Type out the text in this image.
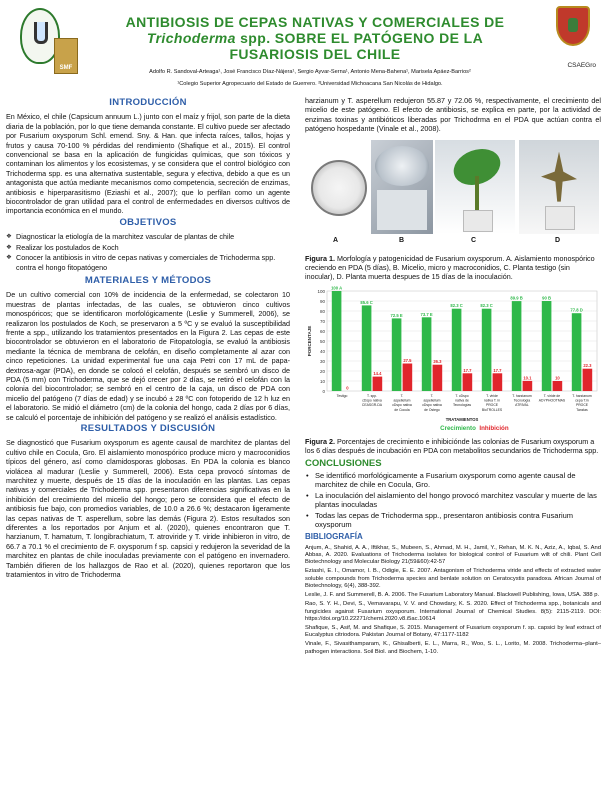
SMF
ANTIBIOSIS DE CEPAS NATIVAS Y COMERCIALES DE
Trichoderma spp. SOBRE EL PATÓGENO DE LA
FUSARIOSIS DEL CHILE
Adolfo R. Sandoval-Arteaga¹, José Francisco Díaz-Nájera¹, Sergio Ayvar-Serna¹, Antonio Mena-Bahena¹, Marisela Apáez-Barrios²
¹Colegio Superior Agropecuario del Estado de Guerrero. ²Universidad Michoacana San Nicolás de Hidalgo.
CSAEGro
INTRODUCCIÓN

En México, el chile (Capsicum annuum L.) junto con el maíz y frijol, son parte de la dieta diaria de la población, por lo que tiene demanda constante. El cultivo puede ser afectado por Fusarium oxysporum Schl. emend. Sny. & Han. que infecta raíces, tallos, hojas y frutos y causa 70-100 % pérdidas del rendimiento (Shafique et al., 2015). El control convencional se basa en la aplicación de fungicidas químicas, que son tóxicos y contaminan los alimentos y los ecosistemas, y se considera que el control biológico con Trichoderma spp. es una alternativa sustentable, segura y efectiva, debido a que es un antagonista que actúa mediante mecanismos como competencia, secreción de enzimas, antibiosis e hiperparasitismo (Eziashi et al., 2007); que lo perfilan como un agente biocontrolador de gran utilidad para el control de enfermedades en diversos cultivos de importancia económica en el mundo.

OBJETIVOS
❖ Diagnosticar la etiología de la marchitez vascular de plantas de chile
❖ Realizar los postulados de Koch
❖ Conocer la antibiosis in vitro de cepas nativas y comerciales de Trichoderma spp. contra el hongo fitopatógeno
MATERIALES Y MÉTODOS

De un cultivo comercial con 10% de incidencia de la enfermedad, se colectaron 10 muestras de plantas infectadas, de las cuales, se obtuvieron cinco cultivos monospóricos; que se identificaron morfológicamente (Leslie y Summerell, 2006), se realizaron los postulados de Koch, se preservaron a 5 ºC y se evaluó la susceptibilidad frente a spp., utilizando los tratamientos presentados en la Figura 2. Las cepas de este biocontrolador se obtuvieron en el laboratorio de Fitopatología, se evaluó la antibiosis mediante la técnica de membrana de celofán, en diseño completamente al azar con cinco repeticiones. La unidad experimental fue una caja Petri con 17 mL de papa-dextrosa-agar (PDA), en donde se colocó el celofán, después se sembró un disco de PDA (5 mm) con Trichoderma, que se dejó crecer por 2 días, se retiró el celofán con la colonia del biocontrolador; se sembró en el centro de la caja, un disco de PDA con micelio del patógeno (7 días de edad) y se incubó ± 28 ºC con fotoperido de 12 h luz en el laboratorio. Se midió el diámetro (cm) de la colonia del hongo, cada 2 días por 6 días, se calculó el porcentaje de inhibición del patógeno y se realizó el análisis estadístico.

RESULTADOS Y DISCUSIÓN

Se diagnosticó que Fusarium oxysporum es agente causal de marchitez de plantas del cultivo chile en Cocula, Gro. El aislamiento monospórico produce micro y macroconidios típicos del género, así como clamidosporas globosas. En PDA la colonia es blanco violácea al madurar (Leslie y Summerell, 2006). Esta cepa provocó síntomas de marchitez y muerte, después de 15 días de la inoculación en las plantas. Las cepas nativas y comerciales de Trichoderma spp. presentaron diferencias significativas en la inhibición del crecimiento del micelio del hongo; pero se considera que el efecto de antibiosis fue bajo, con promedios variables, de 10.0 a 26.6 %; destacaron ligeramente las cepas nativas de T. asperellum, sobre las demás (Figura 2). Estos resultados son diferentes a los reportados por Anjum et al. (2020), quienes encontraron que T. harzianum, T. hamatum, T. longibrachiatum, T. atroviride y T. viride inhibieron in vitro, de 66.7 a 70.1 % el crecimiento de F. oxysporum f sp. capsici y redujeron la severidad de la marchitez en plantas de chile inoculadas previamente con el patógeno en invernadero. También difieren de los hallazgos de Rao et al. (2020), quienes reportaron que los tratamientos in vitro de Trichoderma

harzianum y T. asperellum redujeron 55.87 y 72.06 %, respectivamente, el crecimiento del micelio de este patógeno. El efecto de antibiosis, se explica en parte, por la actividad de enzimas toxinas y antibióticos liberadas por Trichodrma en el PDA que actúan contra el patógeno hospedante (Vinale et al., 2008).

A	B	C	D
Figura 1. Morfología y patogenicidad de Fusarium oxysporum. A. Aislamiento monospórico creciendo en PDA (5 días), B. Micelio, micro y macroconidios, C. Planta testigo (sin inocular), D. Planta muerta despues de 15 días de la inoculación.
0
10
20
30
40
50
60
70
80
90
100
PORCENTAJE
100 A
0
Testigo
85.6 C
14.4
T. spp.
cDspo nativa
CEASGR-DA
72.5 E
27.5
T.
aspellellum
cDspo nativa
de Cocula
73.7 E
26.3
T.
aspellellum
cDspo nativa
de Ostego
82.3 C
17.7
T. cDspo
nativa de
Tecnologías
82.3 C
17.7
T. viride
nativa T. in
PROCE
BioTROLLES
89.9 B
10.1
T. harzianum
Tecnología
ATRIVAL
90 B
10
T. viride de
ADYPHOOTMAS
77.8 D
22.3
T. harzianum
cepa T.in
PROCE
Tanzlas
TRATAMIENTOS
Crecimiento Inhibición
Figura 2. Porcentajes de crecimiento e inhibiciónde las colonias de Fusarium oxysporum a los 6 días después de incubación en PDA con metabolitos secundarios de Trichoderma spp.
CONCLUSIONES
• Se identificó morfológicamente a Fusarium oxysporum como agente causal de marchitez de chile en Cocula, Gro.
• La inoculación del aislamiento del hongo provocó marchitez vascular y muerte de las plantas inoculadas
• Todas las cepas de Trichoderma spp., presentaron antibiosis contra Fusarium oxysporum
BIBLIOGRAFÍA
Anjum, A., Shahid, A. A., Iftikhar, S., Mubeen, S., Ahmad, M. H., Jamil, Y., Rehan, M. K. N., Aziz, A., Iqbal, S. And Abbas, A. 2020. Evaluations of Trichoderma isolates for biological control of Fusarium wilt of chili. Plant Cell Biotechnology and Molecular Biology 21(59&60):42-57
Eziashi, E. I., Omamor, I. B., Odigie, E. E. 2007. Antagonism of Trichoderma viride and effects of extracted water soluble compounds from Trichoderma species and benlate solution on Ceratocystis paradoxa. African Journal of Biotechnology, 6(4), 388-392.
Leslie, J. F. and Summerell, B. A. 2006. The Fusarium Laboratory Manual. Blackwell Publishing, Iowa, USA. 388 p.
Rao, S. Y. H., Devi, S., Vemavarapu, V. V. and Chowdary, K. S. 2020. Effect of Trichoderma spp., botanicals and fungicides against Fusarium oxysporum. International Journal of Chemical Studies. 8(5): 2115-2119. DOI: https://doi.org/10.22271/chemi.2020.v8.i5ac.10614
Shafique, S., Asif, M. and Shafique, S. 2015. Management of Fusarium oxysporum f. sp. capsici by leaf extract of Eucalyptus citriodora. Pakistan Journal of Botany, 47:1177-1182
Vinale, F., Sivasithamparam, K., Ghisalberti, E. L., Marra, R., Woo, S. L., Lorito, M. 2008. Trichoderma–plant–pathogen interactions. Soil Biol. and Biochem, 1-10.
